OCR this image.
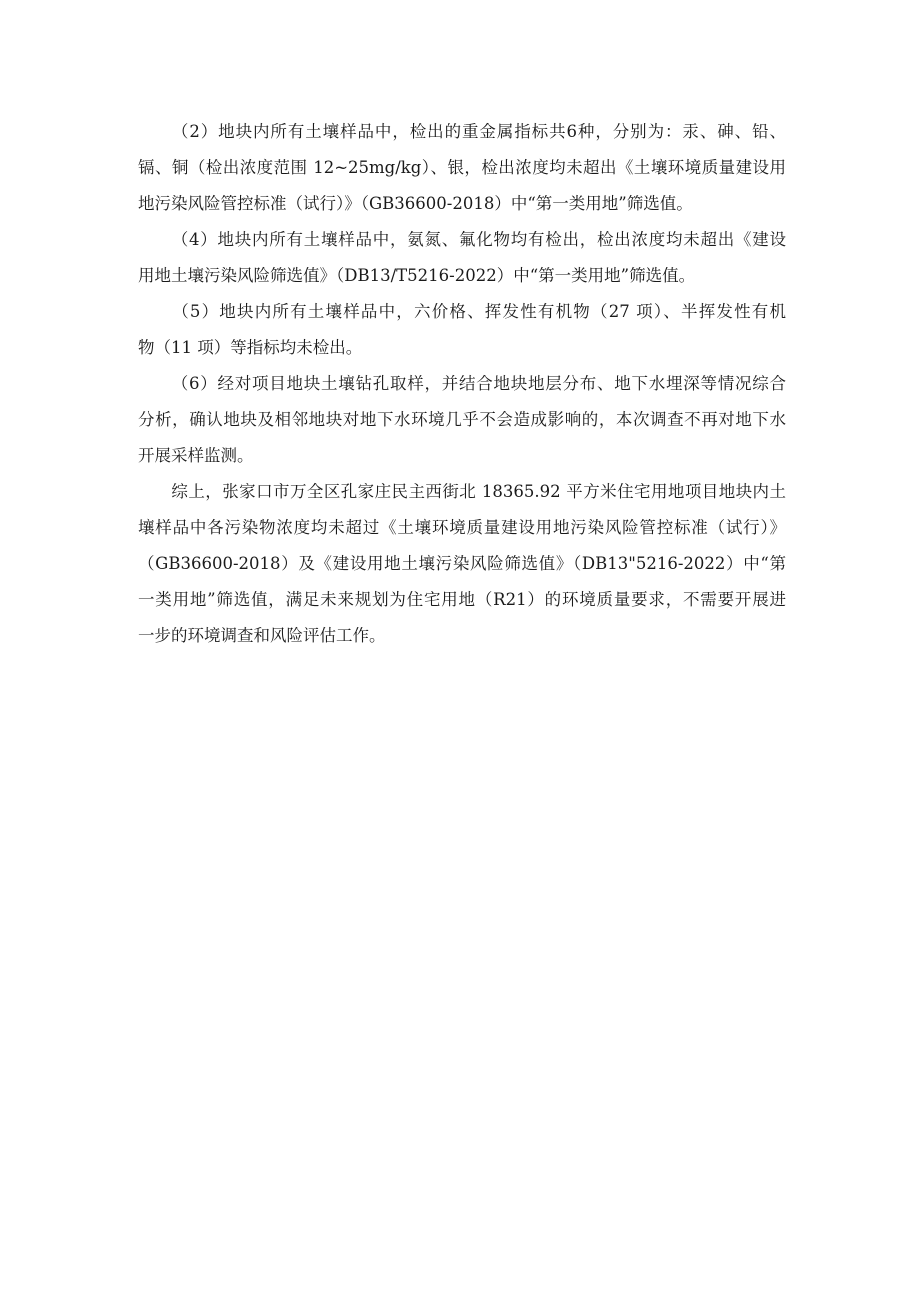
（2）地块内所有土壤样品中，检出的重金属指标共6种，分别为：汞、砷、铅、
镉、铜（检出浓度范围 12~25mg/kg）、银，检出浓度均未超出《土壤环境质量建设用
地污染风险管控标准（试行）》（GB36600-2018）中“第一类用地”筛选值。

（4）地块内所有土壤样品中，氨氮、氟化物均有检出，检出浓度均未超出《建设
用地土壤污染风险筛选值》（DB13/T5216-2022）中“第一类用地”筛选值。

（5）地块内所有土壤样品中，六价格、挥发性有机物（27 项）、半挥发性有机
物（11 项）等指标均未检出。

（6）经对项目地块土壤钻孔取样，并结合地块地层分布、地下水埋深等情况综合
分析，确认地块及相邻地块对地下水环境几乎不会造成影响的，本次调查不再对地下水
开展采样监测。

综上，张家口市万全区孔家庄民主西街北 18365.92 平方米住宅用地项目地块内土
壤样品中各污染物浓度均未超过《土壤环境质量建设用地污染风险管控标准（试行）》
（GB36600-2018）及《建设用地土壤污染风险筛选值》（DB13"5216-2022）中“第
一类用地”筛选值，满足未来规划为住宅用地（R21）的环境质量要求，不需要开展进
一步的环境调查和风险评估工作。
